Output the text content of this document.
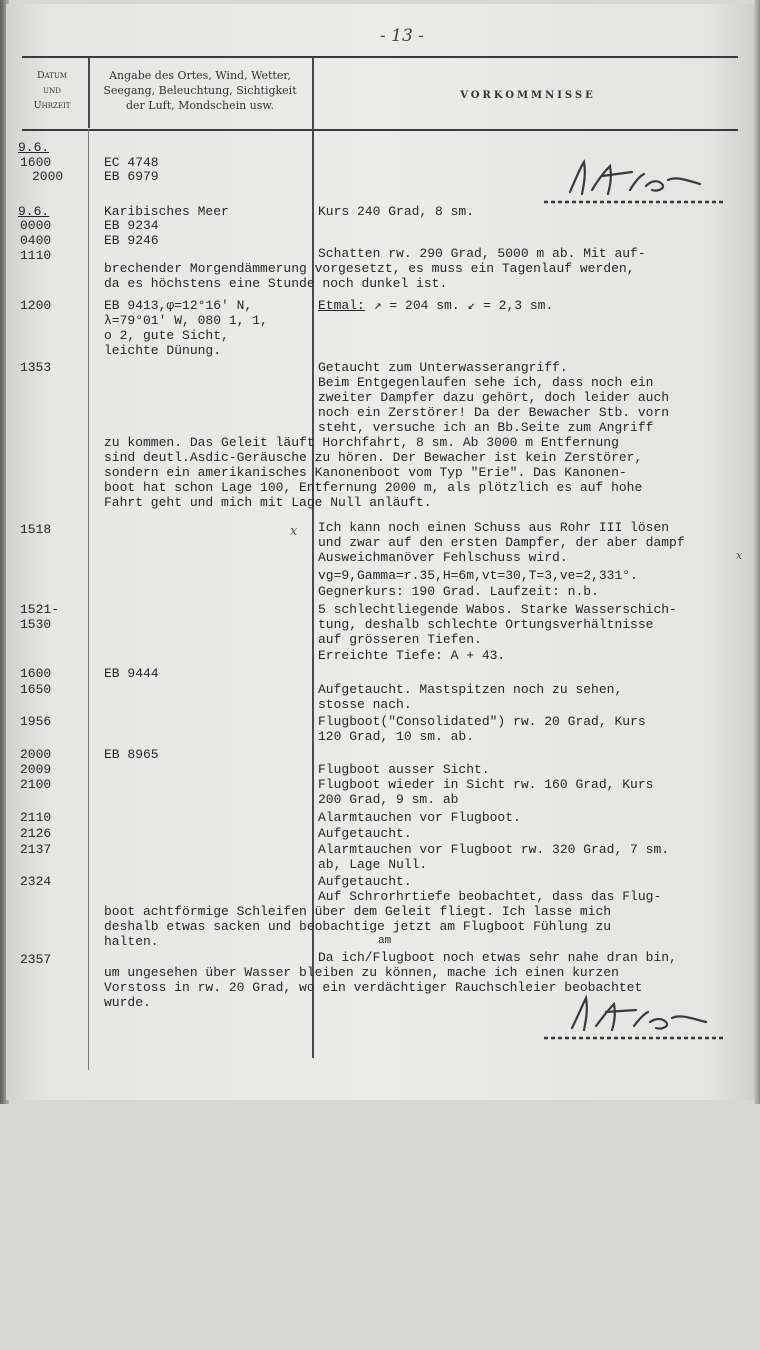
- 13 -
Datum
und
Uhrzeit
Angabe des Ortes, Wind, Wetter,
Seegang, Beleuchtung, Sichtigkeit
der Luft, Mondschein usw.
VORKOMMNISSE

9.6.

1600

2000

9.6.

0000

0400

1110

1200

1353

1518

1521-

1530

1600

1650

1956

2000

2009

2100

2110

2126

2137

2324

2357

EC 4748

EB 6979

Karibisches Meer

EB 9234

EB 9246

EB 9413,φ=12°16' N,

λ=79°01' W, 080 1, 1,

o 2, gute Sicht,

leichte Dünung.

EB 9444

EB 8965

Kurs 240 Grad, 8 sm.

Schatten rw. 290 Grad, 5000 m ab. Mit auf-

brechender Morgendämmerung vorgesetzt, es muss ein Tagenlauf werden,

da es höchstens eine Stunde noch dunkel ist.

Etmal:

↗ = 204 sm. ↙ = 2,3 sm.

Getaucht zum Unterwasserangriff.

Beim Entgegenlaufen sehe ich, dass noch ein

zweiter Dampfer dazu gehört, doch leider auch

noch ein Zerstörer! Da der Bewacher Stb. vorn

steht, versuche ich an Bb.Seite zum Angriff

zu kommen. Das Geleit läuft Horchfahrt, 8 sm. Ab 3000 m Entfernung

sind deutl.Asdic-Geräusche zu hören. Der Bewacher ist kein Zerstörer,

sondern ein amerikanisches Kanonenboot vom Typ "Erie". Das Kanonen-

boot hat schon Lage 100, Entfernung 2000 m, als plötzlich es auf hohe

Fahrt geht und mich mit Lage Null anläuft.

Ich kann noch einen Schuss aus Rohr III lösen

und zwar auf den ersten Dampfer, der aber dampf

Ausweichmanöver Fehlschuss wird.

vg=9,Gamma=r.35,H=6m,vt=30,T=3,ve=2,331°.

Gegnerkurs: 190 Grad. Laufzeit: n.b.

5 schlechtliegende Wabos. Starke Wasserschich-

tung, deshalb schlechte Ortungsverhältnisse

auf grösseren Tiefen.

Erreichte Tiefe: A + 43.

Aufgetaucht. Mastspitzen noch zu sehen,

stosse nach.

Flugboot("Consolidated") rw. 20 Grad, Kurs

120 Grad, 10 sm. ab.

Flugboot ausser Sicht.

Flugboot wieder in Sicht rw. 160 Grad, Kurs

200 Grad, 9 sm. ab

Alarmtauchen vor Flugboot.

Aufgetaucht.

Alarmtauchen vor Flugboot rw. 320 Grad, 7 sm.

ab, Lage Null.

Aufgetaucht.

Auf Schrorhrtiefe beobachtet, dass das Flug-

boot achtförmige Schleifen über dem Geleit fliegt. Ich lasse mich

deshalb etwas sacken und beobachtige jetzt am Flugboot Fühlung zu

halten.

	am

Da ich/Flugboot noch etwas sehr nahe dran bin,

um ungesehen über Wasser bleiben zu können, mache ich einen kurzen

Vorstoss in rw. 20 Grad, wo ein verdächtiger Rauchschleier beobachtet

wurde.

x

x
